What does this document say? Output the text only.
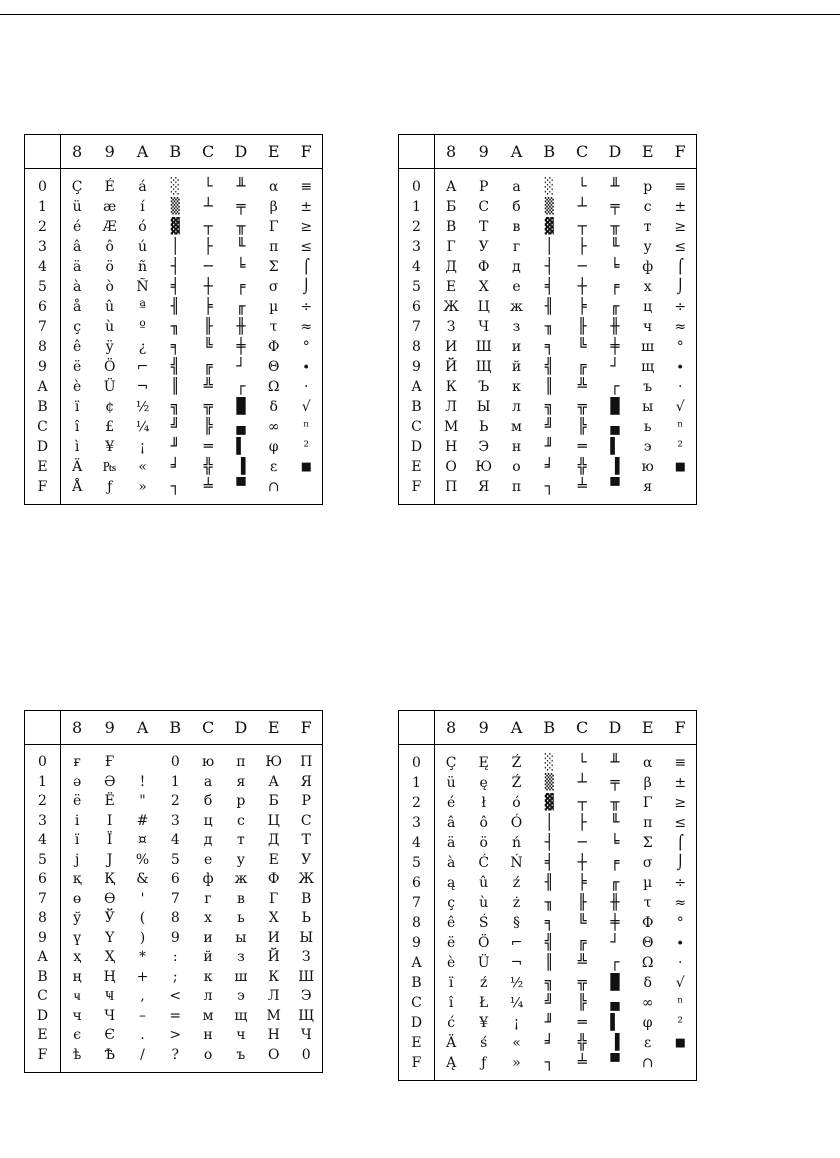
	8	9	A	B	C	D	E	F

0	Ç	É	á	░	└	╨	α	≡
1	ü	æ	í	▒	┴	╤	β	±
2	é	Æ	ó	▓	┬	╥	Γ	≥
3	â	ô	ú	│	├	╙	π	≤
4	ä	ö	ñ	┤	─	╘	Σ	⌠
5	à	ò	Ñ	╡	┼	╒	σ	⌡
6	å	û	ª	╢	╞	╓	µ	÷
7	ç	ù	º	╖	╟	╫	τ	≈
8	ê	ÿ	¿	╕	╚	╪	Φ	°
9	ë	Ö	⌐	╣	╔	┘	Θ	∙
A	è	Ü	¬	║	╩	┌	Ω	·
B	ï	¢	½	╗	╦	█	δ	√
C	î	£	¼	╝	╠	▄	∞	ⁿ
D	ì	¥	¡	╜	═	▌	φ	²
E	Ä	₧	«	╛	╬	▐	ε	■
F	Å	ƒ	»	┐	╧	▀	∩	

	8	9	A	B	C	D	E	F

0	А	Р	а	░	└	╨	р	≡
1	Б	С	б	▒	┴	╤	с	±
2	В	Т	в	▓	┬	╥	т	≥
3	Г	У	г	│	├	╙	у	≤
4	Д	Ф	д	┤	─	╘	ф	⌠
5	Е	Х	е	╡	┼	╒	х	⌡
6	Ж	Ц	ж	╢	╞	╓	ц	÷
7	З	Ч	з	╖	╟	╫	ч	≈
8	И	Ш	и	╕	╚	╪	ш	°
9	Й	Щ	й	╣	╔	┘	щ	∙
A	К	Ъ	к	║	╩	┌	ъ	·
B	Л	Ы	л	╗	╦	█	ы	√
C	М	Ь	м	╝	╠	▄	ь	ⁿ
D	Н	Э	н	╜	═	▌	э	²
E	О	Ю	о	╛	╬	▐	ю	■
F	П	Я	п	┐	╧	▀	я	

	8	9	A	B	C	D	E	F

0	ғ	Ғ		0	ю	п	Ю	П
1	ә	Ә	!	1	а	я	А	Я
2	ё	Ё	"	2	б	р	Б	Р
3	і	І	#	3	ц	с	Ц	С
4	ї	Ї	¤	4	д	т	Д	Т
5	ј	Ј	%	5	е	у	Е	У
6	қ	Қ	&	6	ф	ж	Ф	Ж
7	ө	Ө	'	7	г	в	Г	В
8	ў	Ў	(	8	х	ь	Х	Ь
9	ү	Ү	)	9	и	ы	И	Ы
A	ҳ	Ҳ	*	:	й	з	Й	З
B	ң	Ң	+	;	к	ш	К	Ш
C	ҹ	Ҹ	,	<	л	э	Л	Э
D	ч	Ч	–	=	м	щ	М	Щ
E	є	Є	.	>	н	ч	Н	Ч
F	ѣ	Ѣ	/	?	о	ъ	О	0

	8	9	A	B	C	D	E	F

0	Ç	Ę	Ź	░	└	╨	α	≡
1	ü	ę	Ź	▒	┴	╤	β	±
2	é	ł	ó	▓	┬	╥	Γ	≥
3	â	ô	Ó	│	├	╙	π	≤
4	ä	ö	ń	┤	─	╘	Σ	⌠
5	à	Ć	Ń	╡	┼	╒	σ	⌡
6	ą	û	ź	╢	╞	╓	µ	÷
7	ç	ù	ż	╖	╟	╫	τ	≈
8	ê	Ś	§	╕	╚	╪	Φ	°
9	ë	Ö	⌐	╣	╔	┘	Θ	∙
A	è	Ü	¬	║	╩	┌	Ω	·
B	ï	ź	½	╗	╦	█	δ	√
C	î	Ł	¼	╝	╠	▄	∞	ⁿ
D	ć	¥	¡	╜	═	▌	φ	²
E	Ä	ś	«	╛	╬	▐	ε	■
F	Ą	ƒ	»	┐	╧	▀	∩	
